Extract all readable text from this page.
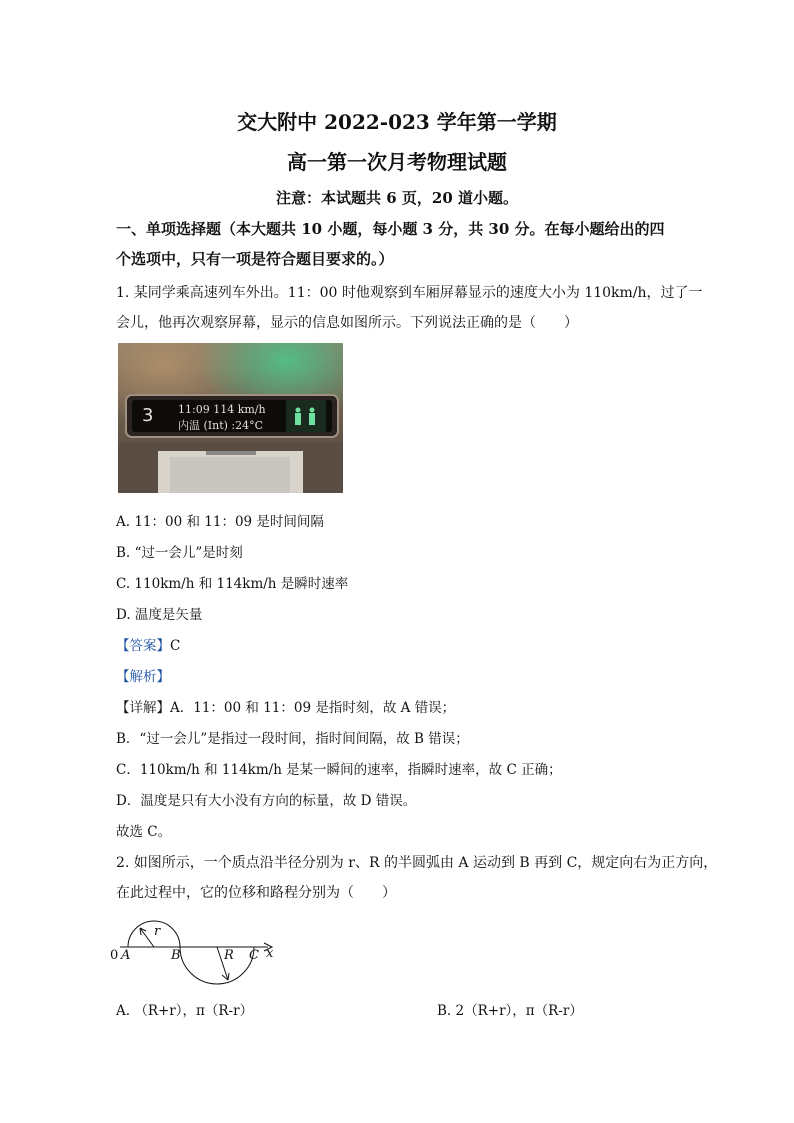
交大附中 2022-023 学年第一学期
高一第一次月考物理试题
注意：本试题共 6 页，20 道小题。
一、单项选择题（本大题共 10 小题，每小题 3 分，共 30 分。在每小题给出的四
个选项中，只有一项是符合题目要求的。）
1. 某同学乘高速列车外出。11：00 时他观察到车厢屏幕显示的速度大小为 110km/h，过了一
会儿，他再次观察屏幕，显示的信息如图所示。下列说法正确的是（　　）
3 11:09 114 km/h
内温 (Int) :24°C
A. 11：00 和 11：09 是时间间隔
B. “过一会儿”是时刻
C. 110km/h 和 114km/h 是瞬时速率
D. 温度是矢量
【答案】C
【解析】
【详解】A．11：00 和 11：09 是指时刻，故 A 错误；
B．“过一会儿”是指过一段时间，指时间间隔，故 B 错误；
C．110km/h 和 114km/h 是某一瞬间的速率，指瞬时速率，故 C 正确；
D．温度是只有大小没有方向的标量，故 D 错误。
故选 C。
2. 如图所示，一个质点沿半径分别为 r、R 的半圆弧由 A 运动到 B 再到 C，规定向右为正方向，
在此过程中，它的位移和路程分别为（　　）
0 A
r
B	R C x
A. （R+r），π（R-r）	B. 2（R+r），π（R-r）
